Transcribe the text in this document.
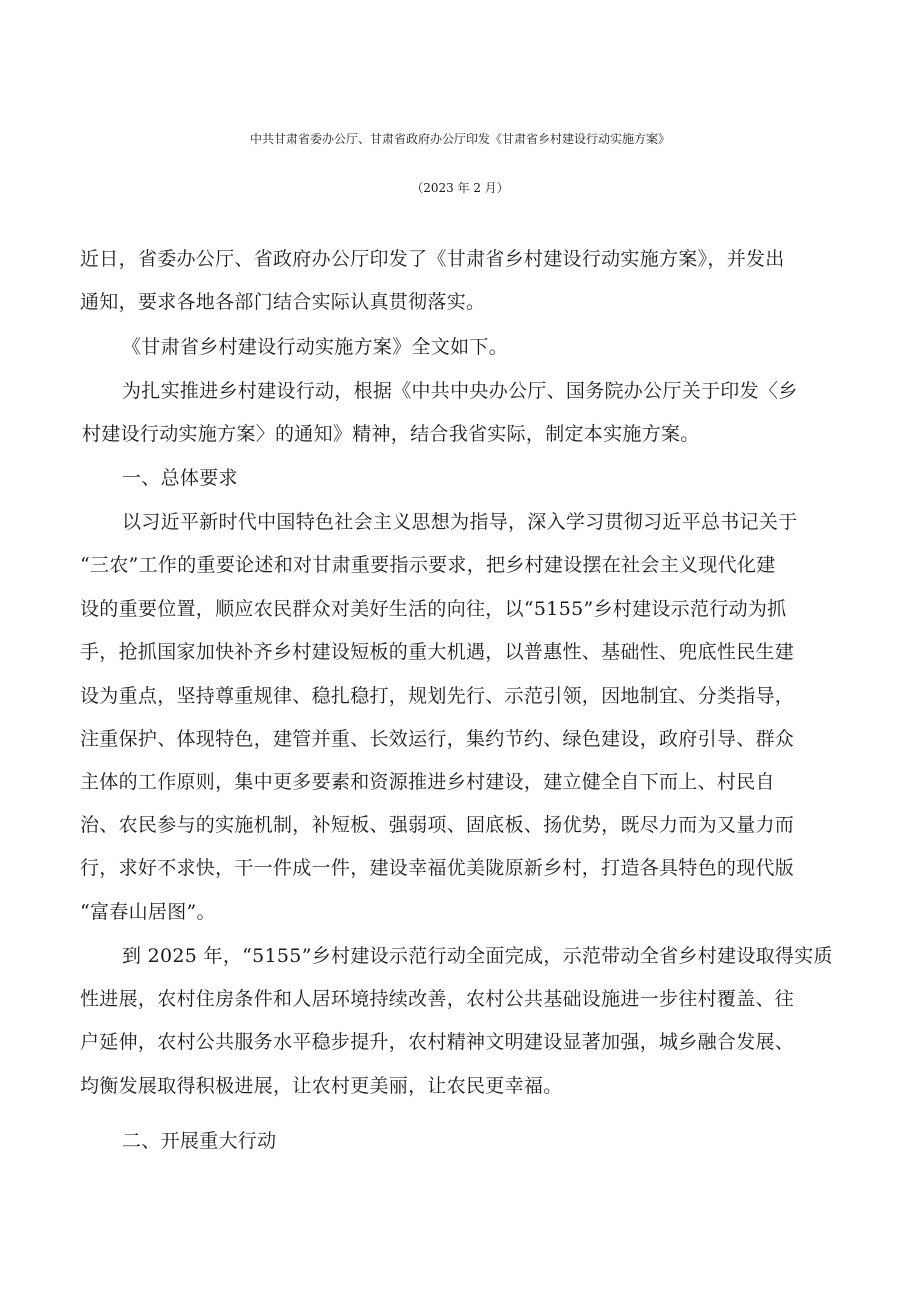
中共甘肃省委办公厅、甘肃省政府办公厅印发《甘肃省乡村建设行动实施方案》
（2023 年 2 月）
近日，省委办公厅、省政府办公厅印发了《甘肃省乡村建设行动实施方案》，并发出
通知，要求各地各部门结合实际认真贯彻落实。
《甘肃省乡村建设行动实施方案》全文如下。
为扎实推进乡村建设行动，根据《中共中央办公厅、国务院办公厅关于印发〈乡
村建设行动实施方案〉的通知》精神，结合我省实际，制定本实施方案。
一、总体要求
以习近平新时代中国特色社会主义思想为指导，深入学习贯彻习近平总书记关于
“三农”工作的重要论述和对甘肃重要指示要求，把乡村建设摆在社会主义现代化建
设的重要位置，顺应农民群众对美好生活的向往，以“5155”乡村建设示范行动为抓
手，抢抓国家加快补齐乡村建设短板的重大机遇，以普惠性、基础性、兜底性民生建
设为重点，坚持尊重规律、稳扎稳打，规划先行、示范引领，因地制宜、分类指导，
注重保护、体现特色，建管并重、长效运行，集约节约、绿色建设，政府引导、群众
主体的工作原则，集中更多要素和资源推进乡村建设，建立健全自下而上、村民自
治、农民参与的实施机制，补短板、强弱项、固底板、扬优势，既尽力而为又量力而
行，求好不求快，干一件成一件，建设幸福优美陇原新乡村，打造各具特色的现代版
“富春山居图”。
到 2025 年，“5155”乡村建设示范行动全面完成，示范带动全省乡村建设取得实质
性进展，农村住房条件和人居环境持续改善，农村公共基础设施进一步往村覆盖、往
户延伸，农村公共服务水平稳步提升，农村精神文明建设显著加强，城乡融合发展、
均衡发展取得积极进展，让农村更美丽，让农民更幸福。
二、开展重大行动
